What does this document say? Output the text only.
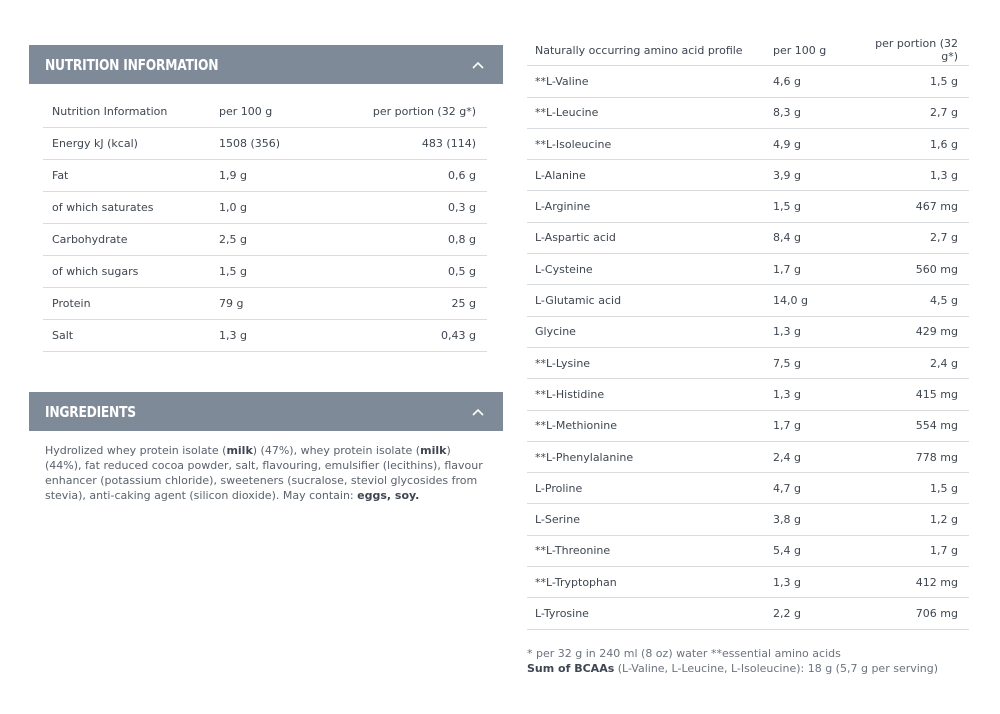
NUTRITION INFORMATION
Nutrition Information	per 100 g	per portion (32 g*)
Energy kJ (kcal)	1508 (356)	483 (114)
Fat	1,9 g	0,6 g
of which saturates	1,0 g	0,3 g
Carbohydrate	2,5 g	0,8 g
of which sugars	1,5 g	0,5 g
Protein	79 g	25 g
Salt	1,3 g	0,43 g
INGREDIENTS
Hydrolized whey protein isolate (milk) (47%), whey protein isolate (milk) (44%), fat reduced cocoa powder, salt, flavouring, emulsifier (lecithins), flavour enhancer (potassium chloride), sweeteners (sucralose, steviol glycosides from stevia), anti-caking agent (silicon dioxide). May contain: eggs, soy.
Naturally occurring amino acid profile	per 100 g	per portion (32 g*)
**L-Valine	4,6 g	1,5 g
**L-Leucine	8,3 g	2,7 g
**L-Isoleucine	4,9 g	1,6 g
L-Alanine	3,9 g	1,3 g
L-Arginine	1,5 g	467 mg
L-Aspartic acid	8,4 g	2,7 g
L-Cysteine	1,7 g	560 mg
L-Glutamic acid	14,0 g	4,5 g
Glycine	1,3 g	429 mg
**L-Lysine	7,5 g	2,4 g
**L-Histidine	1,3 g	415 mg
**L-Methionine	1,7 g	554 mg
**L-Phenylalanine	2,4 g	778 mg
L-Proline	4,7 g	1,5 g
L-Serine	3,8 g	1,2 g
**L-Threonine	5,4 g	1,7 g
**L-Tryptophan	1,3 g	412 mg
L-Tyrosine	2,2 g	706 mg
* per 32 g in 240 ml (8 oz) water **essential amino acids
Sum of BCAAs (L-Valine, L-Leucine, L-Isoleucine): 18 g (5,7 g per serving)
